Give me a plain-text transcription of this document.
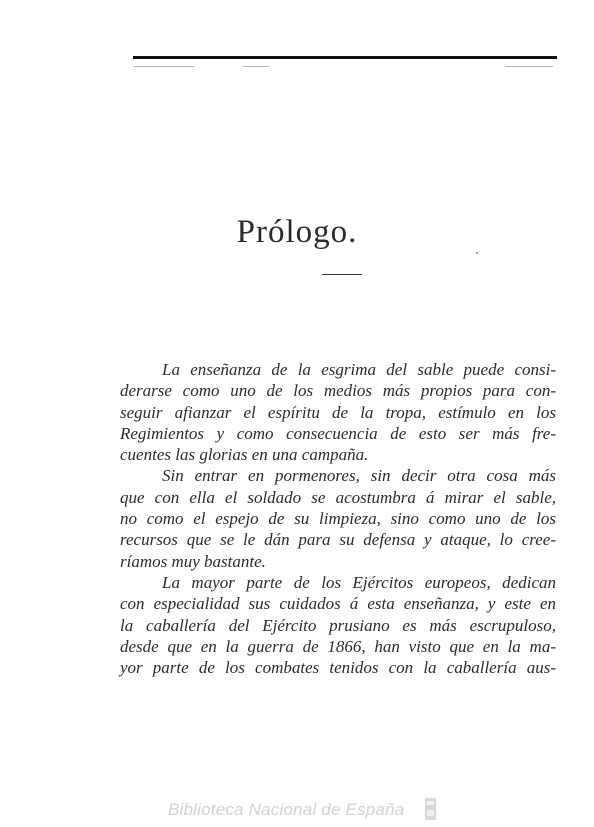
Prólogo.
La enseñanza de la esgrima del sable puede consi-
derarse como uno de los medios más propios para con-
seguir afianzar el espíritu de la tropa, estímulo en los
Regimientos y como consecuencia de esto ser más fre-
cuentes las glorias en una campaña.
Sin entrar en pormenores, sin decir otra cosa más
que con ella el soldado se acostumbra á mirar el sable,
no como el espejo de su limpieza, sino como uno de los
recursos que se le dán para su defensa y ataque, lo cree-
ríamos muy bastante.
La mayor parte de los Ejércitos europeos, dedican
con especialidad sus cuidados á esta enseñanza, y este en
la caballería del Ejército prusiano es más escrupuloso,
desde que en la guerra de 1866, han visto que en la ma-
yor parte de los combates tenidos con la caballería aus-
Biblioteca Nacional de España
